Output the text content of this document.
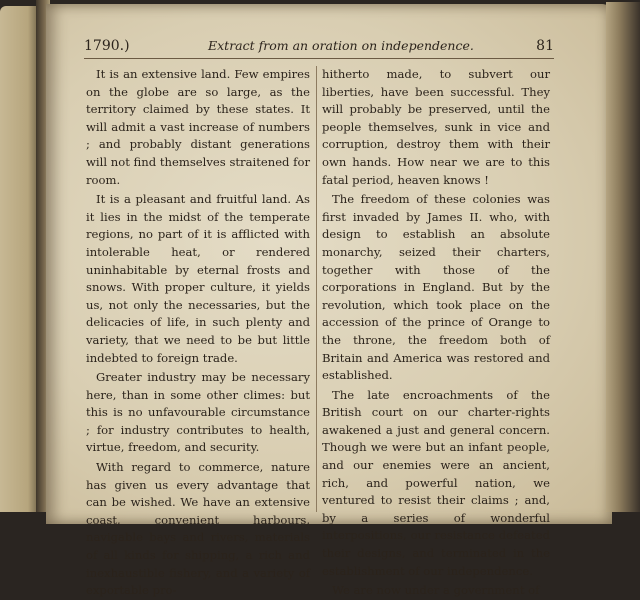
1790.)	Extract from an oration on independence.	81

It is an extensive land. Few empires on the globe are so large, as the territory claimed by these states. It will admit a vast increase of numbers ; and probably distant generations will not find themselves straitened for room.

It is a pleasant and fruitful land. As it lies in the midst of the temperate regions, no part of it is afflicted with intolerable heat, or rendered uninhabitable by eternal frosts and snows. With proper culture, it yields us, not only the necessaries, but the delicacies of life, in such plenty and variety, that we need to be but little indebted to foreign trade.

Greater industry may be necessary here, than in some other climes: but this is no unfavourable circumstance ; for industry contributes to health, virtue, freedom, and security.

With regard to commerce, nature has given us every advantage that can be wished. We have an extensive coast, convenient harbours, navigable bays and rivers, materials of all kinds for shipping, a rich and inexhaustible fishery, and a variety of exportable pro-

hitherto made, to subvert our liberties, have been successful. They will probably be preserved, until the people themselves, sunk in vice and corruption, destroy them with their own hands. How near we are to this fatal period, heaven knows !

The freedom of these colonies was first invaded by James II. who, with design to establish an absolute monarchy, seized their charters, together with those of the corporations in England. But by the revolution, which took place on the accession of the prince of Orange to the throne, the freedom both of Britain and America was restored and established.

The late encroachments of the British court on our charter-rights awakened a just and general concern. Though we were but an infant people, and our enemies were an ancient, rich, and powerful nation, we ventured to resist their claims ; and, by a series of wonderful interpositions, our resistance defeated their designs, and terminated in the establishment of our independence.

We are now under a government of
